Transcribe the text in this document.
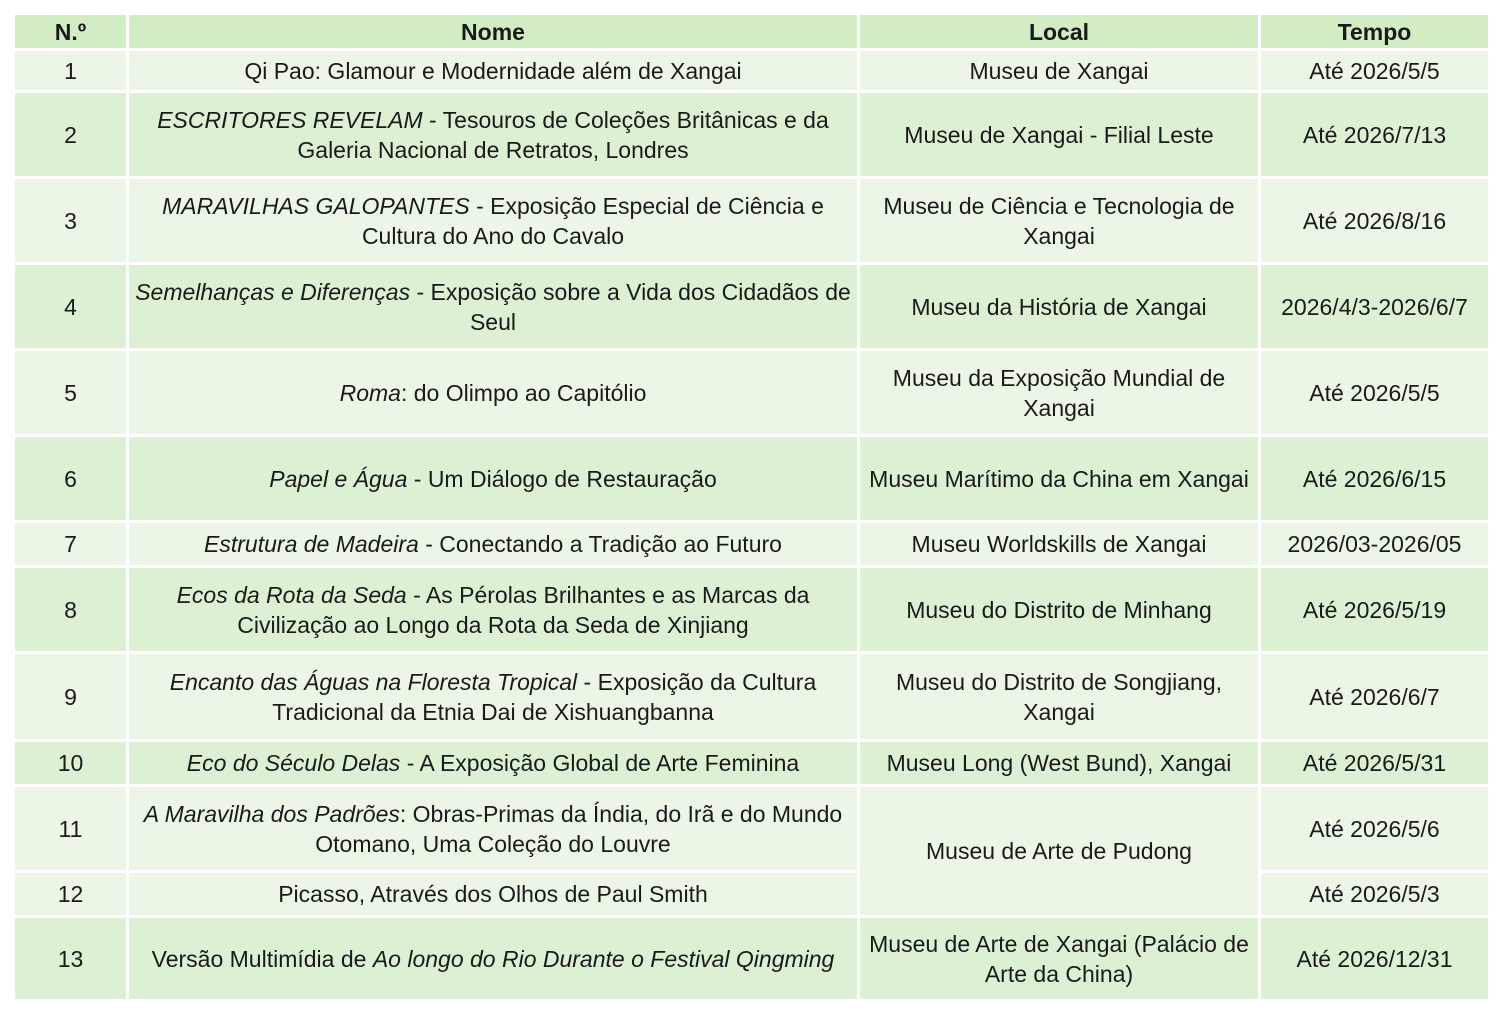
N.º	Nome	Local	Tempo
1	Qi Pao: Glamour e Modernidade além de Xangai	Museu de Xangai	Até 2026/5/5
2	ESCRITORES REVELAM - Tesouros de Coleções Britânicas e da Galeria Nacional de Retratos, Londres	Museu de Xangai - Filial Leste	Até 2026/7/13
3	MARAVILHAS GALOPANTES - Exposição Especial de Ciência e Cultura do Ano do Cavalo	Museu de Ciência e Tecnologia de Xangai	Até 2026/8/16
4	Semelhanças e Diferenças - Exposição sobre a Vida dos Cidadãos de Seul	Museu da História de Xangai	2026/4/3-2026/6/7
5	Roma: do Olimpo ao Capitólio	Museu da Exposição Mundial de Xangai	Até 2026/5/5
6	Papel e Água - Um Diálogo de Restauração	Museu Marítimo da China em Xangai	Até 2026/6/15
7	Estrutura de Madeira - Conectando a Tradição ao Futuro	Museu Worldskills de Xangai	2026/03-2026/05
8	Ecos da Rota da Seda - As Pérolas Brilhantes e as Marcas da Civilização ao Longo da Rota da Seda de Xinjiang	Museu do Distrito de Minhang	Até 2026/5/19
9	Encanto das Águas na Floresta Tropical - Exposição da Cultura Tradicional da Etnia Dai de Xishuangbanna	Museu do Distrito de Songjiang, Xangai	Até 2026/6/7
10	Eco do Século Delas - A Exposição Global de Arte Feminina	Museu Long (West Bund), Xangai	Até 2026/5/31
11	A Maravilha dos Padrões: Obras-Primas da Índia, do Irã e do Mundo Otomano, Uma Coleção do Louvre	Museu de Arte de Pudong	Até 2026/5/6
12	Picasso, Através dos Olhos de Paul Smith		Até 2026/5/3
13	Versão Multimídia de Ao longo do Rio Durante o Festival Qingming	Museu de Arte de Xangai (Palácio de Arte da China)	Até 2026/12/31
